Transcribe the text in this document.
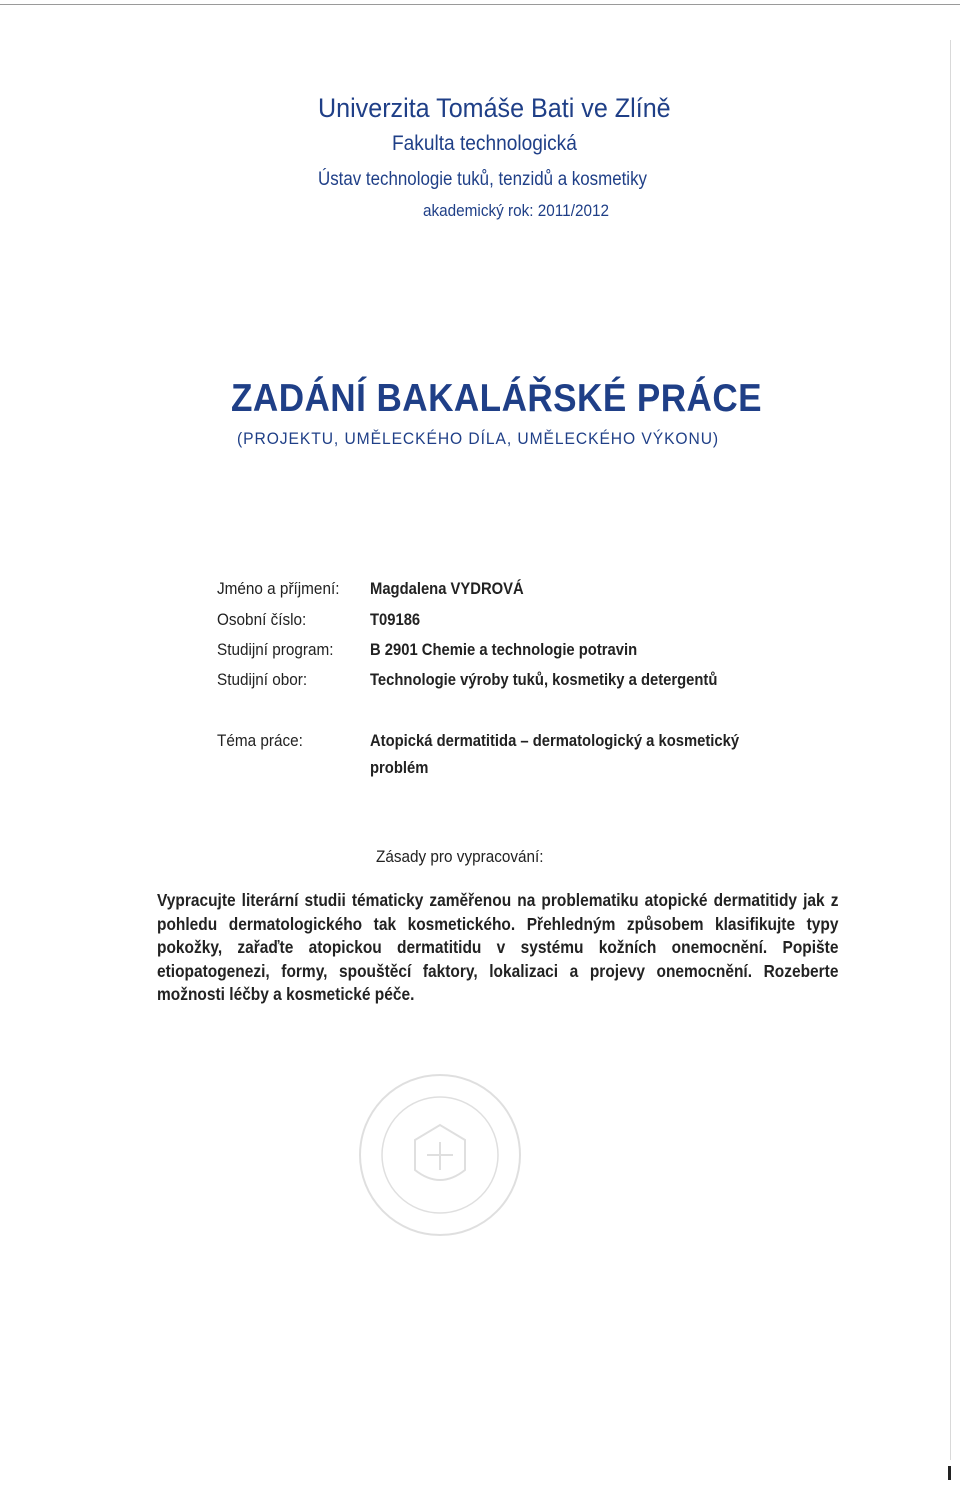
Univerzita Tomáše Bati ve Zlíně
Fakulta technologická
Ústav technologie tuků, tenzidů a kosmetiky
akademický rok: 2011/2012
ZADÁNÍ BAKALÁŘSKÉ PRÁCE
(PROJEKTU, UMĚLECKÉHO DÍLA, UMĚLECKÉHO VÝKONU)
Jméno a příjmení: Magdalena VYDROVÁ
Osobní číslo:	T09186
Studijní program: B 2901 Chemie a technologie potravin
Studijní obor:	Technologie výroby tuků, kosmetiky a detergentů
Téma práce:	Atopická dermatitida – dermatologický a kosmetický problém
Zásady pro vypracování:
Vypracujte literární studii tématicky zaměřenou na problematiku atopické dermatitidy jak z pohledu dermatologického tak kosmetického. Přehledným způsobem klasifikujte typy pokožky, zařaďte atopickou dermatitidu v systému kožních onemocnění. Popište etiopatogenezi, formy, spouštěcí faktory, lokalizaci a projevy onemocnění. Rozeberte možnosti léčby a kosmetické péče.
